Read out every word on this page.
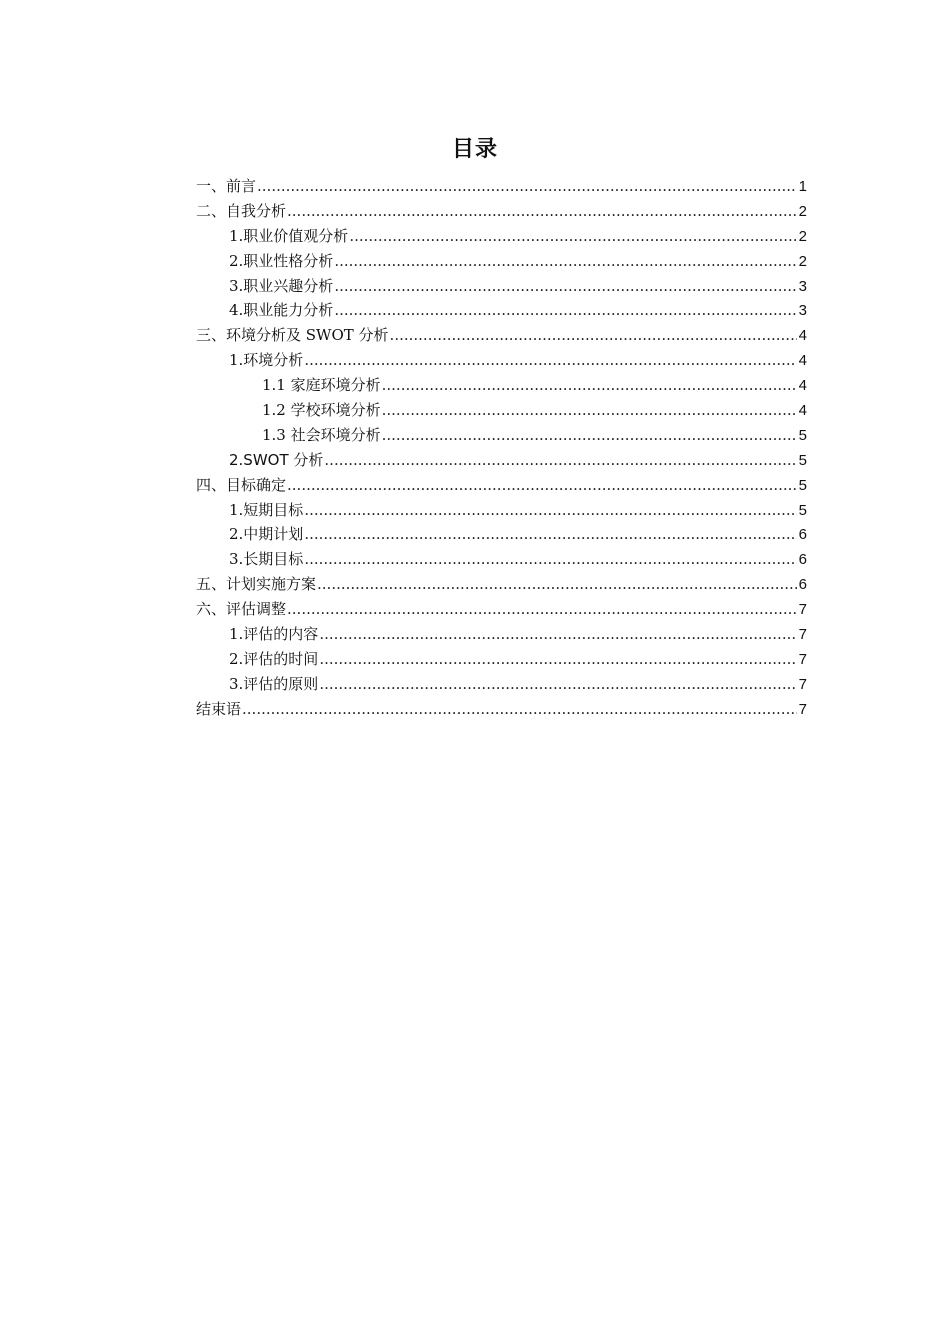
目录
一、前言 .....	1
二、自我分析 .....	2
1.职业价值观分析 .....	2
2.职业性格分析 .....	2
3.职业兴趣分析 .....	3
4.职业能力分析 .....	3
三、环境分析及 SWOT 分析 .....	4
1.环境分析 .....	4
1.1 家庭环境分析 .....	4
1.2 学校环境分析 .....	4
1.3 社会环境分析 .....	5
2.SWOT 分析 .....	5
四、目标确定 .....	5
1.短期目标 .....	5
2.中期计划 .....	6
3.长期目标 .....	6
五、计划实施方案 .....	6
六、评估调整 .....	7
1.评估的内容 .....	7
2.评估的时间 .....	7
3.评估的原则 .....	7
结束语 .....	7
